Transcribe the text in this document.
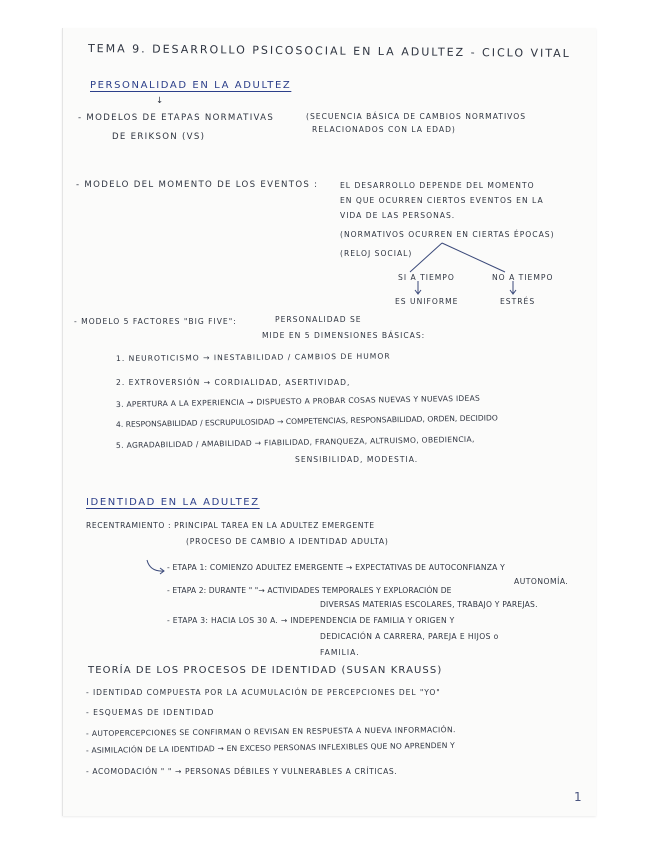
TEMA 9. DESARROLLO PSICOSOCIAL EN LA ADULTEZ - CICLO VITAL
PERSONALIDAD EN LA ADULTEZ
↓
- MODELOS DE ETAPAS NORMATIVAS
DE ERIKSON (VS)
(SECUENCIA BÁSICA DE CAMBIOS NORMATIVOS
RELACIONADOS CON LA EDAD)
- MODELO DEL MOMENTO DE LOS EVENTOS :	EL DESARROLLO DEPENDE DEL MOMENTO
EN QUE OCURREN CIERTOS EVENTOS EN LA
VIDA DE LAS PERSONAS.
(NORMATIVOS OCURREN EN CIERTAS ÉPOCAS)
(RELOJ SOCIAL)
SI A TIEMPO
ES UNIFORME
NO A TIEMPO
ESTRÉS
- MODELO 5 FACTORES "BIG FIVE":	PERSONALIDAD SE
MIDE EN 5 DIMENSIONES BÁSICAS:
1. NEUROTICISMO → INESTABILIDAD / CAMBIOS DE HUMOR
2. EXTROVERSIÓN → CORDIALIDAD, ASERTIVIDAD,
3. APERTURA A LA EXPERIENCIA → DISPUESTO A PROBAR COSAS NUEVAS Y NUEVAS IDEAS
4. RESPONSABILIDAD / ESCRUPULOSIDAD → COMPETENCIAS, RESPONSABILIDAD, ORDEN, DECIDIDO
5. AGRADABILIDAD / AMABILIDAD → FIABILIDAD, FRANQUEZA, ALTRUISMO, OBEDIENCIA,
SENSIBILIDAD, MODESTIA.
IDENTIDAD EN LA ADULTEZ
RECENTRAMIENTO : PRINCIPAL TAREA EN LA ADULTEZ EMERGENTE
(PROCESO DE CAMBIO A IDENTIDAD ADULTA)
- ETAPA 1: COMIENZO ADULTEZ EMERGENTE → EXPECTATIVAS DE AUTOCONFIANZA Y
AUTONOMÍA.
- ETAPA 2: DURANTE " "→ ACTIVIDADES TEMPORALES Y EXPLORACIÓN DE
DIVERSAS MATERIAS ESCOLARES, TRABAJO Y PAREJAS.
- ETAPA 3: HACIA LOS 30 A. → INDEPENDENCIA DE FAMILIA Y ORIGEN Y
DEDICACIÓN A CARRERA, PAREJA E HIJOS o
FAMILIA.
TEORÍA DE LOS PROCESOS DE IDENTIDAD (SUSAN KRAUSS)
- IDENTIDAD COMPUESTA POR LA ACUMULACIÓN DE PERCEPCIONES DEL "YO"
- ESQUEMAS DE IDENTIDAD
- AUTOPERCEPCIONES SE CONFIRMAN O REVISAN EN RESPUESTA A NUEVA INFORMACIÓN.
- ASIMILACIÓN DE LA IDENTIDAD → EN EXCESO PERSONAS INFLEXIBLES QUE NO APRENDEN Y
- ACOMODACIÓN " " → PERSONAS DÉBILES Y VULNERABLES A CRÍTICAS.
1
